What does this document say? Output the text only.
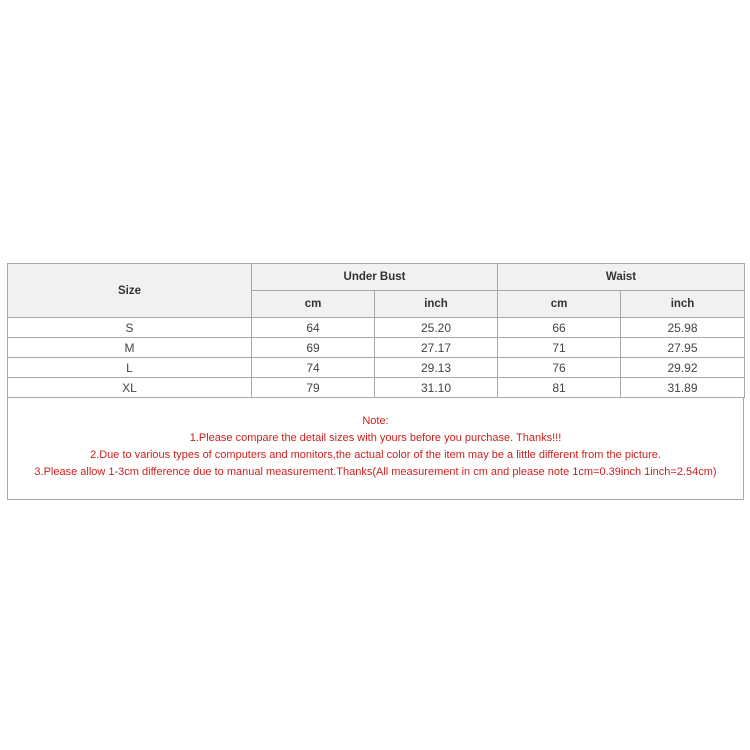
Size	Under Bust		Waist	
	cm	inch	cm	inch
S	64	25.20	66	25.98
M	69	27.17	71	27.95
L	74	29.13	76	29.92
XL	79	31.10	81	31.89
Note:
1.Please compare the detail sizes with yours before you purchase. Thanks!!!
2.Due to various types of computers and monitors,the actual color of the item may be a little different from the picture.
3.Please allow 1-3cm difference due to manual measurement.Thanks(All measurement in cm and please note 1cm=0.39inch 1inch=2.54cm)
